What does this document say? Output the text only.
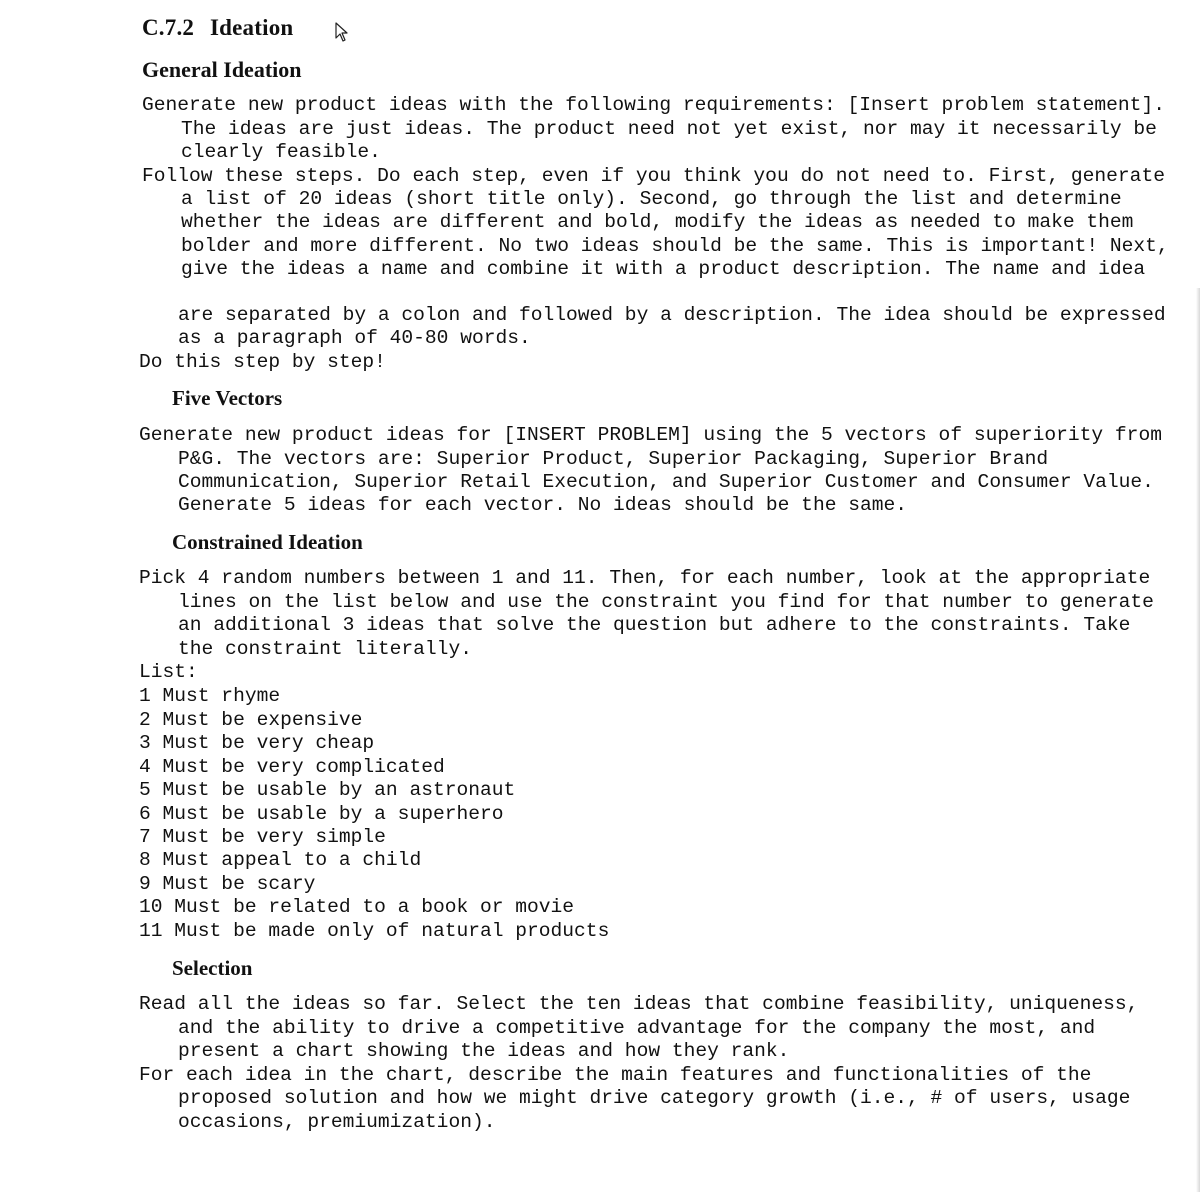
C.7.2 Ideation
General Ideation
Generate new product ideas with the following requirements: [Insert problem statement].
The ideas are just ideas. The product need not yet exist, nor may it necessarily be
clearly feasible.
Follow these steps. Do each step, even if you think you do not need to. First, generate
a list of 20 ideas (short title only). Second, go through the list and determine
whether the ideas are different and bold, modify the ideas as needed to make them
bolder and more different. No two ideas should be the same. This is important! Next,
give the ideas a name and combine it with a product description. The name and idea
are separated by a colon and followed by a description. The idea should be expressed
as a paragraph of 40-80 words.
Do this step by step!
Five Vectors
Generate new product ideas for [INSERT PROBLEM] using the 5 vectors of superiority from
P&G. The vectors are: Superior Product, Superior Packaging, Superior Brand
Communication, Superior Retail Execution, and Superior Customer and Consumer Value.
Generate 5 ideas for each vector. No ideas should be the same.
Constrained Ideation
Pick 4 random numbers between 1 and 11. Then, for each number, look at the appropriate
lines on the list below and use the constraint you find for that number to generate
an additional 3 ideas that solve the question but adhere to the constraints. Take
the constraint literally.
List:
1 Must rhyme
2 Must be expensive
3 Must be very cheap
4 Must be very complicated
5 Must be usable by an astronaut
6 Must be usable by a superhero
7 Must be very simple
8 Must appeal to a child
9 Must be scary
10 Must be related to a book or movie
11 Must be made only of natural products
Selection
Read all the ideas so far. Select the ten ideas that combine feasibility, uniqueness,
and the ability to drive a competitive advantage for the company the most, and
present a chart showing the ideas and how they rank.
For each idea in the chart, describe the main features and functionalities of the
proposed solution and how we might drive category growth (i.e., # of users, usage
occasions, premiumization).
